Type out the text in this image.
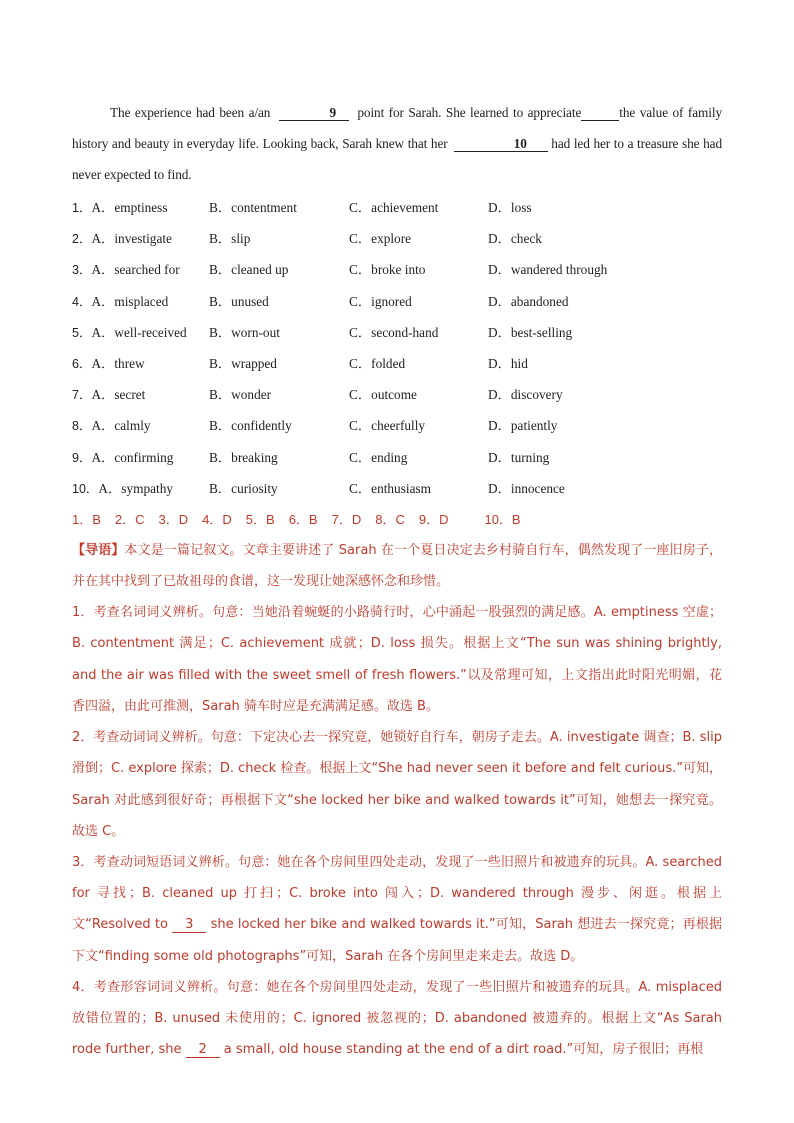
The experience had been a/an	9 point for Sarah. She learned to appreciate	the value of family history and beauty in everyday life. Looking back, Sarah knew that her	10 had led her to a treasure she had never expected to find.

1．A．emptiness	B．contentment	C．achievement	D．loss
2．A．investigate	B．slip	C．explore	D．check
3．A．searched for B．cleaned up	C．broke into	D．wandered through
4．A．misplaced	B．unused	C．ignored	D．abandoned
5．A．well-received B．worn-out	C．second-hand	D．best-selling
6．A．threw	B．wrapped	C．folded	D．hid
7．A．secret	B．wonder	C．outcome	D．discovery
8．A．calmly	B．confidently	C．cheerfully	D．patiently
9．A．confirming	B．breaking	C．ending	D．turning
10．A．sympathy	B．curiosity	C．enthusiasm	D．innocence
1．B 2．C 3．D 4．D 5．B 6．B 7．D 8．C 9．D	10．B

【导语】本文是一篇记叙文。文章主要讲述了 Sarah 在一个夏日决定去乡村骑自行车，偶然发现了一座旧房子，并在其中找到了已故祖母的食谱，这一发现让她深感怀念和珍惜。

1．考查名词词义辨析。句意：当她沿着蜿蜒的小路骑行时，心中涌起一股强烈的满足感。A. emptiness 空虚；B. contentment 满足；C. achievement 成就；D. loss 损失。根据上文“The sun was shining brightly, and the air was filled with the sweet smell of fresh flowers.”以及常理可知，上文指出此时阳光明媚，花香四溢，由此可推测，Sarah 骑车时应是充满满足感。故选 B。

2．考查动词词义辨析。句意：下定决心去一探究竟，她锁好自行车，朝房子走去。A. investigate 调查；B. slip 滑倒；C. explore 探索；D. check 检查。根据上文“She had never seen it before and felt curious.”可知，Sarah 对此感到很好奇；再根据下文“she locked her bike and walked towards it”可知，她想去一探究竟。故选 C。

3．考查动词短语词义辨析。句意：她在各个房间里四处走动，发现了一些旧照片和被遗弃的玩具。A. searched for 寻找；B. cleaned up 打扫；C. broke into 闯入；D. wandered through 漫步、闲逛。根据上文“Resolved to 3 she locked her bike and walked towards it.”可知，Sarah 想进去一探究竟；再根据下文“finding some old photographs”可知，Sarah 在各个房间里走来走去。故选 D。

4．考查形容词词义辨析。句意：她在各个房间里四处走动，发现了一些旧照片和被遗弃的玩具。A. misplaced 放错位置的；B. unused 未使用的；C. ignored 被忽视的；D. abandoned 被遗弃的。根据上文“As Sarah rode further, she 2 a small, old house standing at the end of a dirt road.”可知，房子很旧；再根
